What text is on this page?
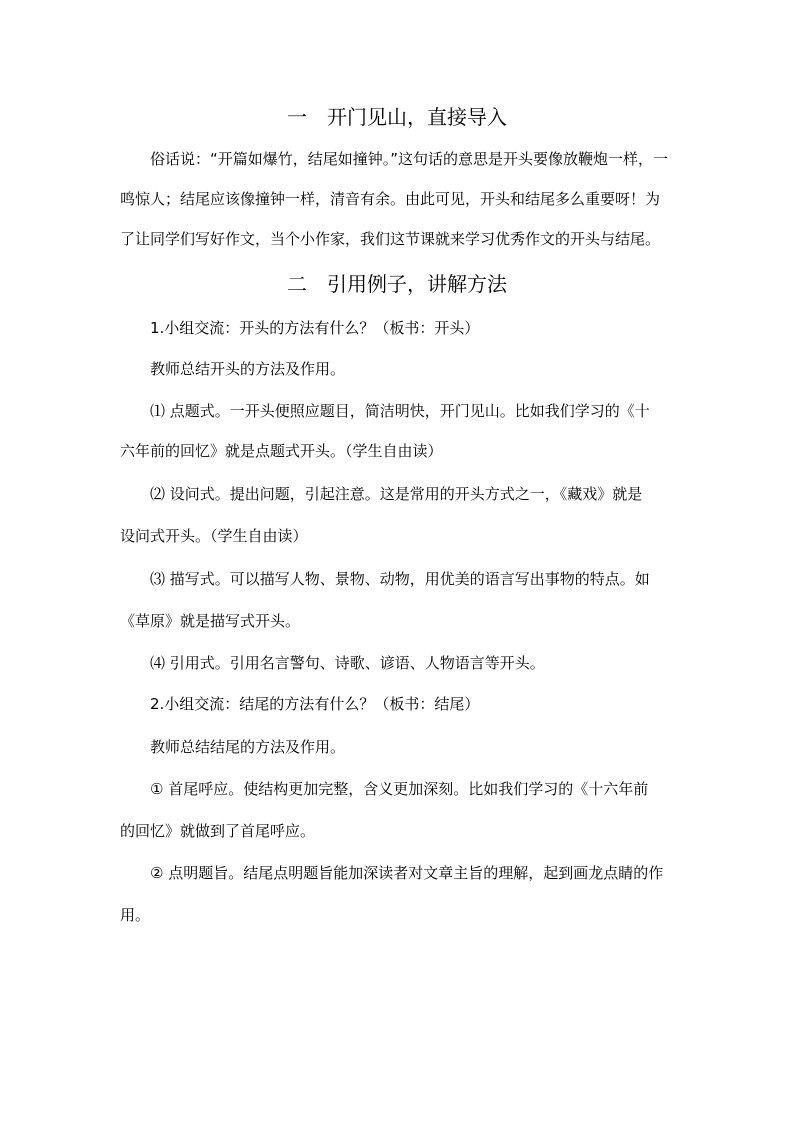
一　开门见山，直接导入
俗话说：“开篇如爆竹，结尾如撞钟。”这句话的意思是开头要像放鞭炮一样，一
鸣惊人；结尾应该像撞钟一样，清音有余。由此可见，开头和结尾多么重要呀！为
了让同学们写好作文，当个小作家，我们这节课就来学习优秀作文的开头与结尾。
二　引用例子，讲解方法
1.小组交流：开头的方法有什么？（板书：开头）
教师总结开头的方法及作用。
⑴ 点题式。一开头便照应题目，简洁明快，开门见山。比如我们学习的《十
六年前的回忆》就是点题式开头。（学生自由读）
⑵ 设问式。提出问题，引起注意。这是常用的开头方式之一，《藏戏》就是
设问式开头。（学生自由读）
⑶ 描写式。可以描写人物、景物、动物，用优美的语言写出事物的特点。如
《草原》就是描写式开头。
⑷ 引用式。引用名言警句、诗歌、谚语、人物语言等开头。
2.小组交流：结尾的方法有什么？（板书：结尾）
教师总结结尾的方法及作用。
① 首尾呼应。使结构更加完整，含义更加深刻。比如我们学习的《十六年前
的回忆》就做到了首尾呼应。
② 点明题旨。结尾点明题旨能加深读者对文章主旨的理解，起到画龙点睛的作
用。
